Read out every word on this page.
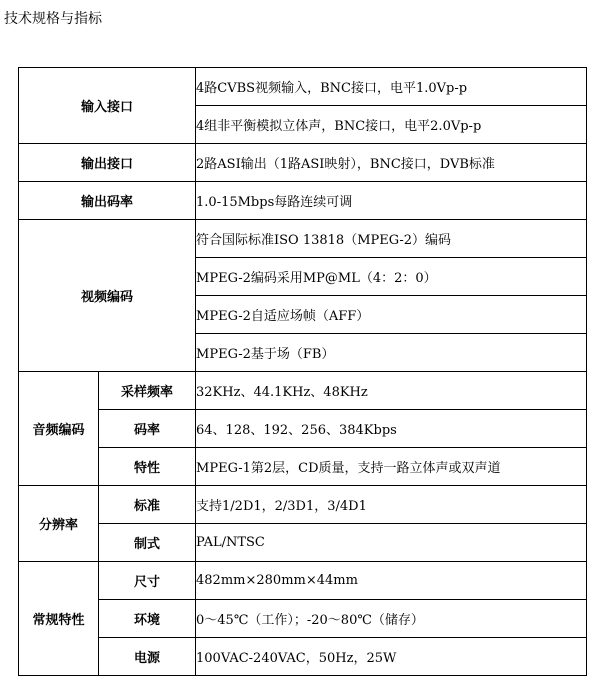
技术规格与指标
输入接口		4路CVBS视频输入，BNC接口，电平1.0Vp-p
		4组非平衡模拟立体声，BNC接口，电平2.0Vp-p
输出接口		2路ASI输出（1路ASI映射），BNC接口，DVB标准
输出码率		1.0-15Mbps每路连续可调
视频编码		符合国际标准ISO 13818（MPEG-2）编码
		MPEG-2编码采用MP@ML（4：2：0）
		MPEG-2自适应场帧（AFF）
		MPEG-2基于场（FB）
音频编码	采样频率	32KHz、44.1KHz、48KHz
	码率	64、128、192、256、384Kbps
	特性	MPEG-1第2层，CD质量，支持一路立体声或双声道
分辨率	标准	支持1/2D1，2/3D1，3/4D1
	制式	PAL/NTSC
常规特性	尺寸	482mm×280mm×44mm
	环境	0～45℃（工作）；-20～80℃（储存）
	电源	100VAC-240VAC，50Hz，25W
